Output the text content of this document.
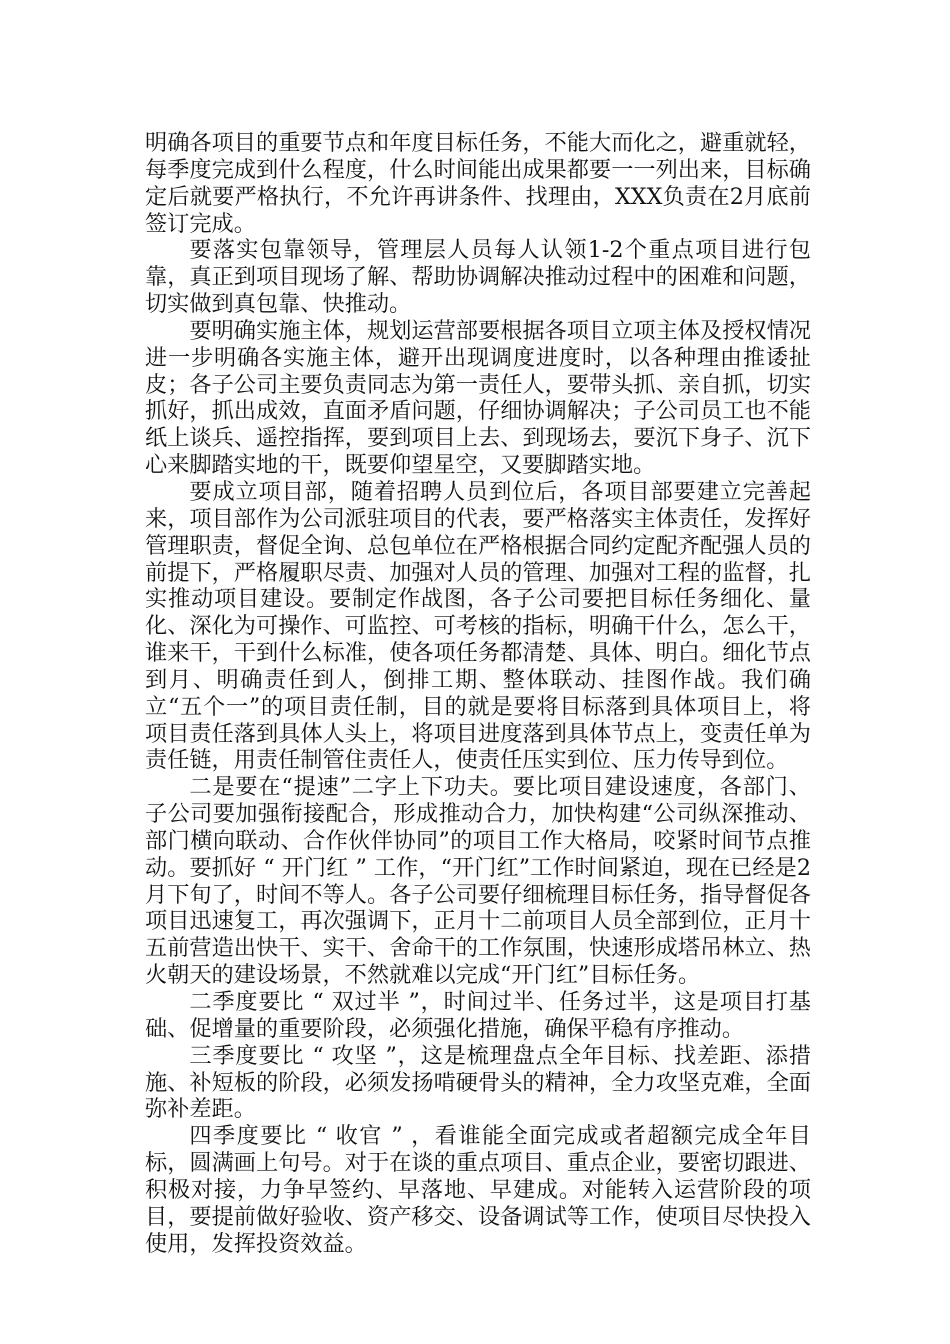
明确各项目的重要节点和年度目标任务，不能大而化之，避重就轻，每季度完成到什么程度，什么时间能出成果都要一一列出来，目标确定后就要严格执行，不允许再讲条件、找理由，XXX负责在2月底前签订完成。

要落实包靠领导，管理层人员每人认领1-2个重点项目进行包靠，真正到项目现场了解、帮助协调解决推动过程中的困难和问题，切实做到真包靠、快推动。

要明确实施主体，规划运营部要根据各项目立项主体及授权情况进一步明确各实施主体，避开出现调度进度时，以各种理由推诿扯皮；各子公司主要负责同志为第一责任人，要带头抓、亲自抓，切实抓好，抓出成效，直面矛盾问题，仔细协调解决；子公司员工也不能纸上谈兵、遥控指挥，要到项目上去、到现场去，要沉下身子、沉下心来脚踏实地的干，既要仰望星空，又要脚踏实地。

要成立项目部，随着招聘人员到位后，各项目部要建立完善起来，项目部作为公司派驻项目的代表，要严格落实主体责任，发挥好管理职责，督促全询、总包单位在严格根据合同约定配齐配强人员的前提下，严格履职尽责、加强对人员的管理、加强对工程的监督，扎实推动项目建设。要制定作战图，各子公司要把目标任务细化、量化、深化为可操作、可监控、可考核的指标，明确干什么，怎么干，谁来干，干到什么标准，使各项任务都清楚、具体、明白。细化节点到月、明确责任到人，倒排工期、整体联动、挂图作战。我们确立“五个一”的项目责任制，目的就是要将目标落到具体项目上，将项目责任落到具体人头上，将项目进度落到具体节点上，变责任单为责任链，用责任制管住责任人，使责任压实到位、压力传导到位。

二是要在“提速”二字上下功夫。要比项目建设速度，各部门、子公司要加强衔接配合，形成推动合力，加快构建“公司纵深推动、部门横向联动、合作伙伴协同”的项目工作大格局，咬紧时间节点推动。要抓好 “ 开门红 ” 工作，“开门红”工作时间紧迫，现在已经是2月下旬了，时间不等人。各子公司要仔细梳理目标任务，指导督促各项目迅速复工，再次强调下，正月十二前项目人员全部到位，正月十五前营造出快干、实干、舍命干的工作氛围，快速形成塔吊林立、热火朝天的建设场景，不然就难以完成“开门红”目标任务。

二季度要比 “ 双过半 ”，时间过半、任务过半，这是项目打基础、促增量的重要阶段，必须强化措施，确保平稳有序推动。

三季度要比 “ 攻坚 ”，这是梳理盘点全年目标、找差距、添措施、补短板的阶段，必须发扬啃硬骨头的精神，全力攻坚克难，全面弥补差距。

四季度要比 “ 收官 ” ，看谁能全面完成或者超额完成全年目标，圆满画上句号。对于在谈的重点项目、重点企业，要密切跟进、积极对接，力争早签约、早落地、早建成。对能转入运营阶段的项目，要提前做好验收、资产移交、设备调试等工作，使项目尽快投入使用，发挥投资效益。
